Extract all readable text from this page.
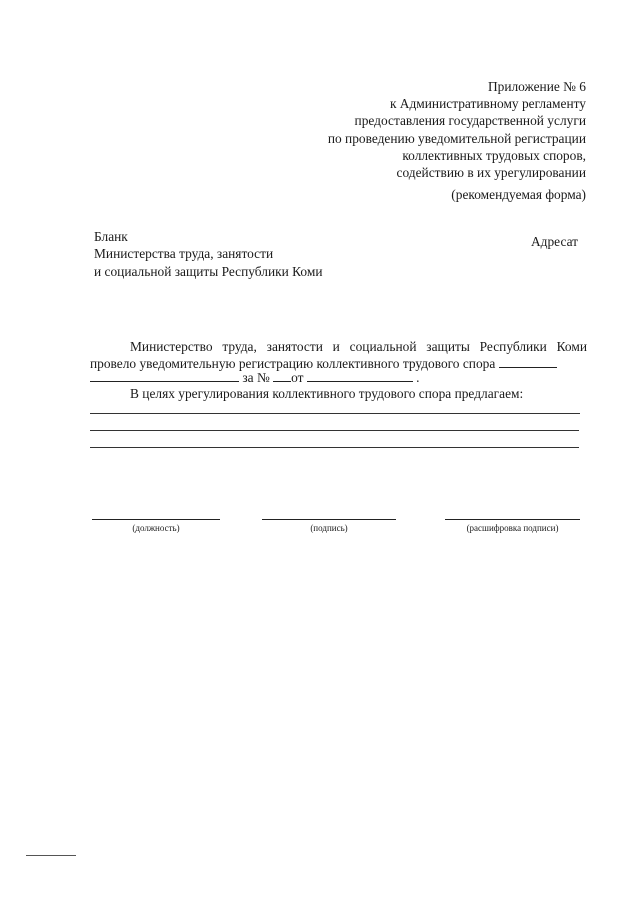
Приложение № 6
к Административному регламенту
предоставления государственной услуги
по проведению уведомительной регистрации
коллективных трудовых споров,
содействию в их урегулировании
(рекомендуемая форма)
Бланк
Министерства труда, занятости
и социальной защиты Республики Коми
Адресат
Министерство труда, занятости и социальной защиты Республики Коми
провело уведомительную регистрацию коллективного трудового спора
за № от	.
В целях урегулирования коллективного трудового спора предлагаем:
(должность)	(подпись)	(расшифровка подписи)
